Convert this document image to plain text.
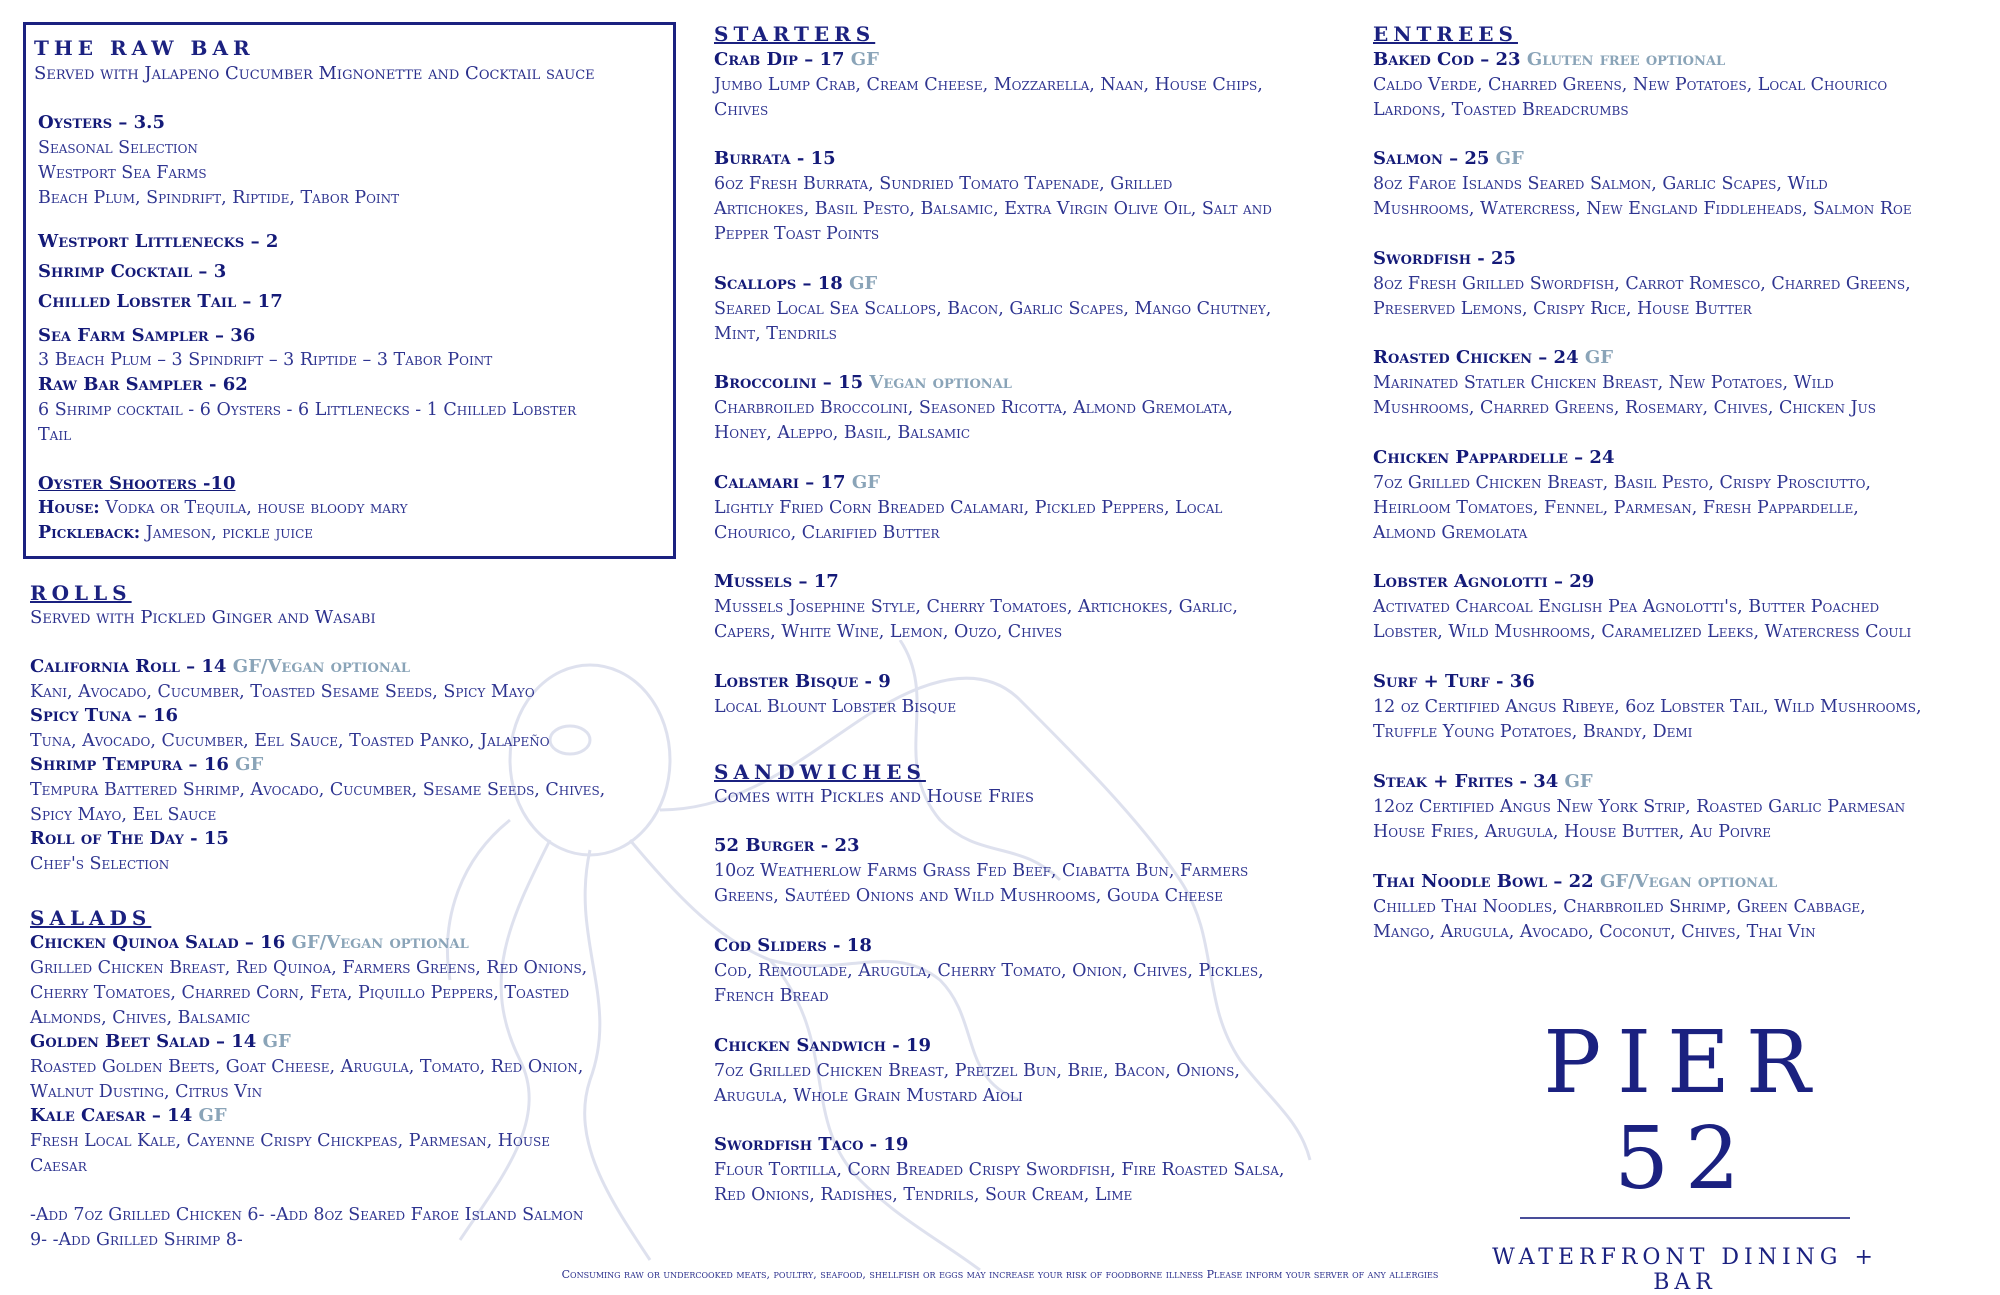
THE RAW BAR
Served with Jalapeno Cucumber Mignonette and Cocktail sauce
Oysters – 3.5
Seasonal Selection
Westport Sea Farms
Beach Plum, Spindrift, Riptide, Tabor Point
Westport Littlenecks – 2
Shrimp Cocktail – 3
Chilled Lobster Tail – 17
Sea Farm Sampler – 36
3 Beach Plum – 3 Spindrift – 3 Riptide – 3 Tabor Point
Raw Bar Sampler - 62
6 Shrimp cocktail - 6 Oysters - 6 Littlenecks - 1 Chilled Lobster
Tail
Oyster Shooters -10
House: Vodka or Tequila, house bloody mary
Pickleback: Jameson, pickle juice
ROLLS
Served with Pickled Ginger and Wasabi
California Roll – 14 GF/Vegan optional
Kani, Avocado, Cucumber, Toasted Sesame Seeds, Spicy Mayo
Spicy Tuna – 16
Tuna, Avocado, Cucumber, Eel Sauce, Toasted Panko, Jalapeño
Shrimp Tempura – 16 GF
Tempura Battered Shrimp, Avocado, Cucumber, Sesame Seeds, Chives,
Spicy Mayo, Eel Sauce
Roll of The Day - 15
Chef's Selection
SALADS
Chicken Quinoa Salad – 16 GF/Vegan optional
Grilled Chicken Breast, Red Quinoa, Farmers Greens, Red Onions,
Cherry Tomatoes, Charred Corn, Feta, Piquillo Peppers, Toasted
Almonds, Chives, Balsamic
Golden Beet Salad – 14 GF
Roasted Golden Beets, Goat Cheese, Arugula, Tomato, Red Onion,
Walnut Dusting, Citrus Vin
Kale Caesar – 14 GF
Fresh Local Kale, Cayenne Crispy Chickpeas, Parmesan, House
Caesar
-Add 7oz Grilled Chicken 6- -Add 8oz Seared Faroe Island Salmon
9- -Add Grilled Shrimp 8-
STARTERS
Crab Dip – 17 GF
Jumbo Lump Crab, Cream Cheese, Mozzarella, Naan, House Chips,
Chives
Burrata - 15
6oz Fresh Burrata, Sundried Tomato Tapenade, Grilled
Artichokes, Basil Pesto, Balsamic, Extra Virgin Olive Oil, Salt and
Pepper Toast Points
Scallops – 18 GF
Seared Local Sea Scallops, Bacon, Garlic Scapes, Mango Chutney,
Mint, Tendrils
Broccolini – 15 Vegan optional
Charbroiled Broccolini, Seasoned Ricotta, Almond Gremolata,
Honey, Aleppo, Basil, Balsamic
Calamari – 17 GF
Lightly Fried Corn Breaded Calamari, Pickled Peppers, Local
Chourico, Clarified Butter
Mussels – 17
Mussels Josephine Style, Cherry Tomatoes, Artichokes, Garlic,
Capers, White Wine, Lemon, Ouzo, Chives
Lobster Bisque - 9
Local Blount Lobster Bisque
SANDWICHES
Comes with Pickles and House Fries
52 Burger - 23
10oz Weatherlow Farms Grass Fed Beef, Ciabatta Bun, Farmers
Greens, Sautéed Onions and Wild Mushrooms, Gouda Cheese
Cod Sliders - 18
Cod, Remoulade, Arugula, Cherry Tomato, Onion, Chives, Pickles,
French Bread
Chicken Sandwich - 19
7oz Grilled Chicken Breast, Pretzel Bun, Brie, Bacon, Onions,
Arugula, Whole Grain Mustard Aioli
Swordfish Taco - 19
Flour Tortilla, Corn Breaded Crispy Swordfish, Fire Roasted Salsa,
Red Onions, Radishes, Tendrils, Sour Cream, Lime
ENTREES
Baked Cod – 23 Gluten free optional
Caldo Verde, Charred Greens, New Potatoes, Local Chourico
Lardons, Toasted Breadcrumbs
Salmon – 25 GF
8oz Faroe Islands Seared Salmon, Garlic Scapes, Wild
Mushrooms, Watercress, New England Fiddleheads, Salmon Roe
Swordfish - 25
8oz Fresh Grilled Swordfish, Carrot Romesco, Charred Greens,
Preserved Lemons, Crispy Rice, House Butter
Roasted Chicken – 24 GF
Marinated Statler Chicken Breast, New Potatoes, Wild
Mushrooms, Charred Greens, Rosemary, Chives, Chicken Jus
Chicken Pappardelle – 24
7oz Grilled Chicken Breast, Basil Pesto, Crispy Prosciutto,
Heirloom Tomatoes, Fennel, Parmesan, Fresh Pappardelle,
Almond Gremolata
Lobster Agnolotti – 29
Activated Charcoal English Pea Agnolotti's, Butter Poached
Lobster, Wild Mushrooms, Caramelized Leeks, Watercress Couli
Surf + Turf - 36
12 oz Certified Angus Ribeye, 6oz Lobster Tail, Wild Mushrooms,
Truffle Young Potatoes, Brandy, Demi
Steak + Frites - 34 GF
12oz Certified Angus New York Strip, Roasted Garlic Parmesan
House Fries, Arugula, House Butter, Au Poivre
Thai Noodle Bowl – 22 GF/Vegan optional
Chilled Thai Noodles, Charbroiled Shrimp, Green Cabbage,
Mango, Arugula, Avocado, Coconut, Chives, Thai Vin
PIER 52
WATERFRONT DINING + BAR
Consuming raw or undercooked meats, poultry, seafood, shellfish or eggs may increase your risk of foodborne illness Please inform your server of any allergies
